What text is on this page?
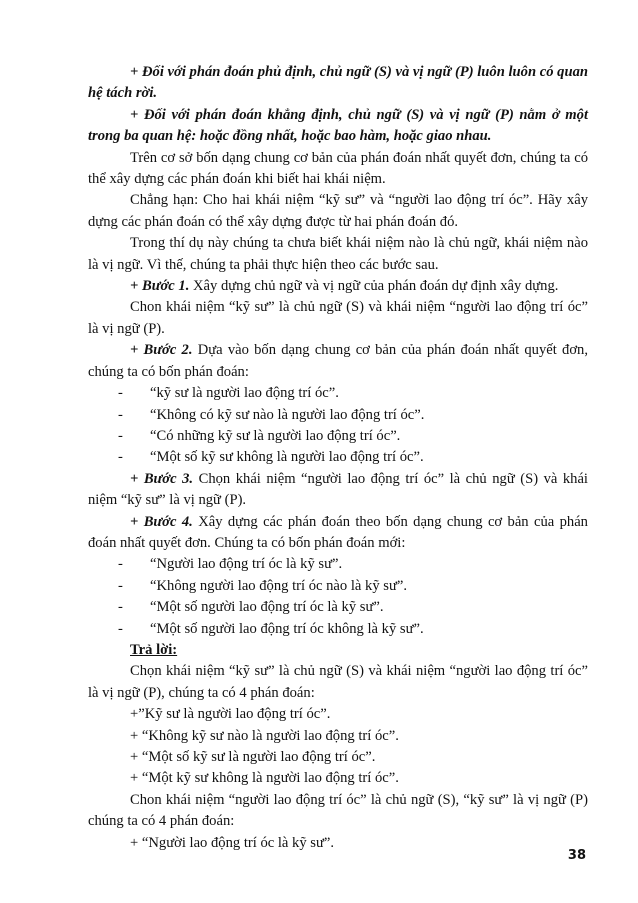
+ Đối với phán đoán phủ định, chủ ngữ (S) và vị ngữ (P) luôn luôn có quan hệ tách rời.

+ Đối với phán đoán khẳng định, chủ ngữ (S) và vị ngữ (P) nằm ở một trong ba quan hệ: hoặc đồng nhất, hoặc bao hàm, hoặc giao nhau.

Trên cơ sở bốn dạng chung cơ bản của phán đoán nhất quyết đơn, chúng ta có thể xây dựng các phán đoán khi biết hai khái niệm.

Chẳng hạn: Cho hai khái niệm “kỹ sư” và “người lao động trí óc”. Hãy xây dựng các phán đoán có thể xây dựng được từ hai phán đoán đó.

Trong thí dụ này chúng ta chưa biết khái niệm nào là chủ ngữ, khái niệm nào là vị ngữ. Vì thế, chúng ta phải thực hiện theo các bước sau.

+ Bước 1. Xây dựng chủ ngữ và vị ngữ của phán đoán dự định xây dựng.

Chon khái niệm “kỹ sư” là chủ ngữ (S) và khái niệm “người lao động trí óc” là vị ngữ (P).

+ Bước 2. Dựa vào bốn dạng chung cơ bản của phán đoán nhất quyết đơn, chúng ta có bốn phán đoán:

-	“kỹ sư là người lao động trí óc”.

-	“Không có kỹ sư nào là người lao động trí óc”.

-	“Có những kỹ sư là người lao động trí óc”.

-	“Một số kỹ sư không là người lao động trí óc”.

+ Bước 3. Chọn khái niệm “người lao động trí óc” là chủ ngữ (S) và khái niệm “kỹ sư” là vị ngữ (P).

+ Bước 4. Xây dựng các phán đoán theo bốn dạng chung cơ bản của phán đoán nhất quyết đơn. Chúng ta có bốn phán đoán mới:

-	“Người lao động trí óc là kỹ sư”.

-	“Không người lao động trí óc nào là kỹ sư”.

-	“Một số người lao động trí óc là kỹ sư”.

-	“Một số người lao động trí óc không là kỹ sư”.

Trả lời:

Chọn khái niệm “kỹ sư” là chủ ngữ (S) và khái niệm “người lao động trí óc” là vị ngữ (P), chúng ta có 4 phán đoán:

+”Kỹ sư là người lao động trí óc”.

+ “Không kỹ sư nào là người lao động trí óc”.

+ “Một số kỹ sư là người lao động trí óc”.

+ “Một kỹ sư không là người lao động trí óc”.

Chon khái niệm “người lao động trí óc” là chủ ngữ (S), “kỹ sư” là vị ngữ (P) chúng ta có 4 phán đoán:

+ “Người lao động trí óc là kỹ sư”.

38
